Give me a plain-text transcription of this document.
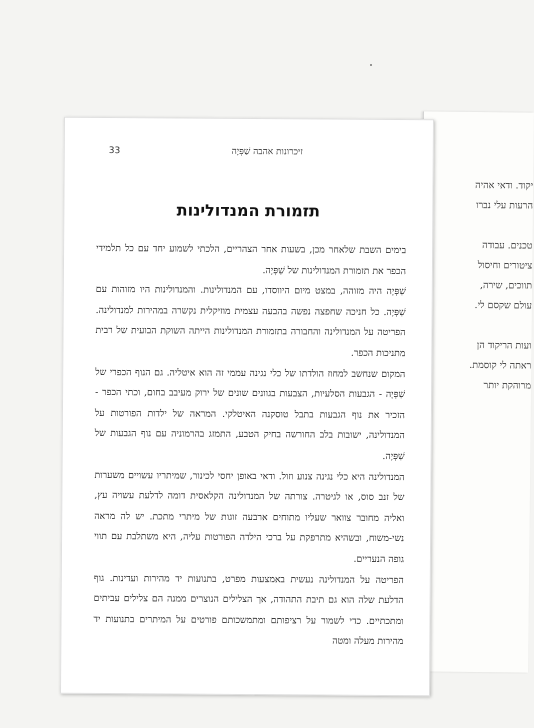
יקוד. ודאי אהיה
הרעות עלי נברו
טכנים. עבודה
ציטורים וחיסול
תווכים, שירה,
עולם שקסם לי.
ועות הריקוד הן
ראתה לי קוסמת.
מרוהקת יותר
זיכרונות אהבה שַׁפְּיָה
33
תזמורת המנדולינות

בימים השבת שלאחר מכן, בשעות אחר הצהריים, הלכתי לשמוע יחד עם כל תלמידי הכפר את תזמורת המנדולינות של שַׁפְּיָה.

שַׁפְּיָה היה מזוהה, במצט מיום היווסדו, עם המנדולינות. והמנדולינות היו מזוהות עם שַׁפְּיָה. כל חניכה שחפצה נפשה בהבעה עצמית מוזיקלית נקשרה במהירות למנדולינה. הפריטה על המנדולינה והחבורה בתזמורת המנדולינות הייתה השוקת הבועית של רבית מתניכות הכפר.

המקום שנחשב למחוז הולדתו של כלי נגינה עממי זה הוא איטליה. גם הנוף הכפרי של שַׁפְּיָה - הגבעות הסלעיות, הצבעות בגוונים שונים של ירוק מעיבב בחום, וכתי הכפר - הזכיר את נוף הגבעות בתבל טוסקנה האיטלקי. המראה של ילדות הפורטות על המנדולינה, ישובות בלב החורשה בחיק הטבע, התמזג בהרמוניה עם נוף הגבעות של שַׁפְּיָה.

המנדולינה היא כלי נגינה צנוע וזול. ודאי באופן יחסי לכינור, שמיתריו עשויים משערות של זנב סוס, או לגיטרה. צורתה של המנדולינה הקלאסית דומה לדלעת עשויה עץ, ואליה מחובר צוואר שעליו מתוחים ארבעה זוגות של מיתרי מתכת. יש לה מראה נשי-משוח, ובשהיא מתרפקת על ברכי הילדה הפורטות עליה, היא משתלבת עם תווי גופה הנעריים.

הפריטה על המנדולינה נעשית באמצעות מפרט, בתנועות יד מהירות ועדינות. גוף הדלעת שלה הוא גם תיבת התהודה, אך הצלילים הנוצרים ממנה הם צלילים עביתים ומתכתיים. כדי לשמור על רציפותם ומתמשכותם פורטים על המיתרים בתנועות יד מהירות מעלה ומטה
